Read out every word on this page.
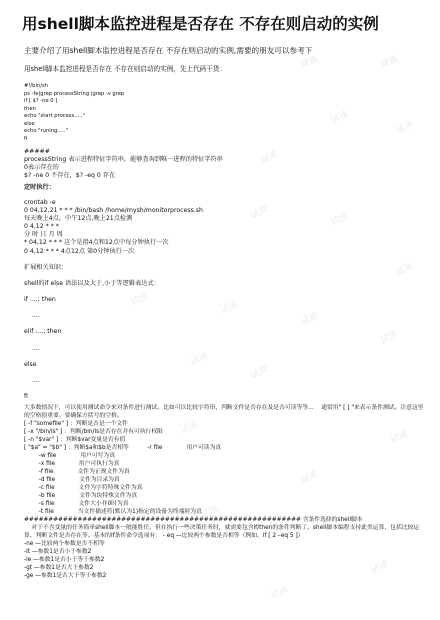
用shell脚本监控进程是否存在 不存在则启动的实例
主要介绍了用shell脚本监控进程是否存在 不存在则启动的实例,需要的朋友可以参考下
用shell脚本监控进程是否存在 不存在则启动的实例，先上代码干货：
#!/bin/sh
ps -fe|grep processString |grep -v grep
if [ $? -ne 0 ]
then
echo "start process....."
else
echo "runing....."
fi
#####
processString 表示进程特征字符串，能够查询到唯一进程的特征字符串
0表示存在的
$? -ne 0 不存在，$? -eq 0 存在
定时执行：
crontab -e
0 04,12,21 * * * /bin/bash /home/mysh/monitorprocess.sh
每天晚上4点，中午12点,晚上21点检测
0 4,12 * * *
分 时 日 月 周
* 04,12 * * * 这个是指4点和12点中每分钟执行一次
0 4,12 * * * 4点12点 第0分钟执行一次
扩展相关知识：
shell的if else 语法以及大于,小于等逻辑表达式：
if ....; then

....

elif ....; then

....

else

....

fi
大多数情况下，可以使用测试命令来对条件进行测试。比如可以比较字符串、判断文件是否存在及是否可读等等…    通常用" [ ] "来表示条件测试。注意这里的空格很重要。要确保方括号的空格。
[ -f "somefile" ] ：判断是否是一个文件
[ -x "/bin/ls" ] ：判断/bin/ls是否存在并有可执行权限
[ -n "$var" ] ：判断$var变量是否有值
[ "$a" = "$b" ] ：判断$a和$b是否相等          -r file             用户可读为真
-w file             用户可写为真
-x file             用户可执行为真
-f file             文件为正规文件为真
-d file             文件为目录为真
-c file             文件为字符特殊文件为真
-b file             文件为块特殊文件为真
-s file             文件大小非0时为真
-t file             当文件描述符(默认为1)指定的设备为终端时为真
######################################################### 含条件选择的shell脚本
对于不含变量的任务简单shell脚本一般能胜任。但在执行一些决策任务时，就需要包含if/then的条件判断了。shell脚本编程支持此类运算，包括比较运算、判断文件是否存在等。基本的if条件命令选项有： - eq —比较两个参数是否相等（例如，if [ 2 –eq 5 ]）
-ne —比较两个参数是否不相等
-lt —参数1是否小于参数2
-le —参数1是否小于等于参数2
-gt —参数1是否大于参数2
-ge —参数1是否大于等于参数2
试读	试读
试读
试读
试读
试读	试读
试读
试读	试读
试读
试读
试读
试读
试读
试读
试读
试读
试读
试读
